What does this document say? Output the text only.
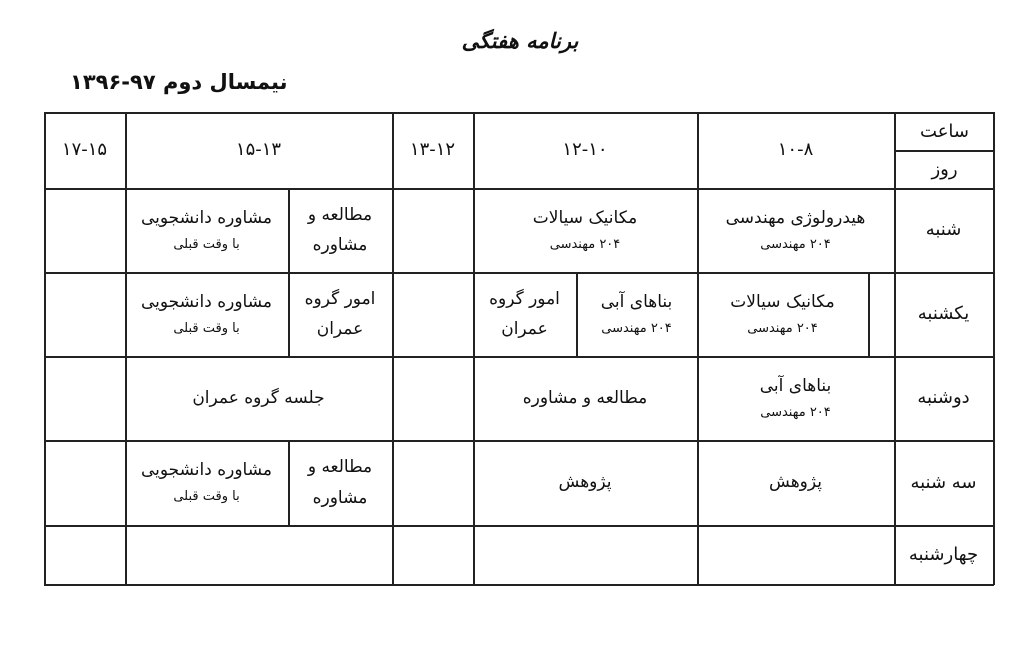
برنامه هفتگی
نیمسال دوم ۹۷-۱۳۹۶
ساعت
روز
۱۰-۸
۱۲-۱۰
۱۳-۱۲
۱۵-۱۳
۱۷-۱۵
شنبه
یکشنبه
دوشنبه
سه شنبه
چهارشنبه
هیدرولوژی مهندسی
۲۰۴ مهندسی
مکانیک سیالات
۲۰۴ مهندسی
مطالعه و
مشاوره
مشاوره دانشجویی
با وقت قبلی
مکانیک سیالات
۲۰۴ مهندسی
بناهای آبی
۲۰۴ مهندسی
امور گروه
عمران
امور گروه
عمران
مشاوره دانشجویی
با وقت قبلی
بناهای آبی
۲۰۴ مهندسی
مطالعه و مشاوره
جلسه گروه عمران
پژوهش
پژوهش
مطالعه و
مشاوره
مشاوره دانشجویی
با وقت قبلی
